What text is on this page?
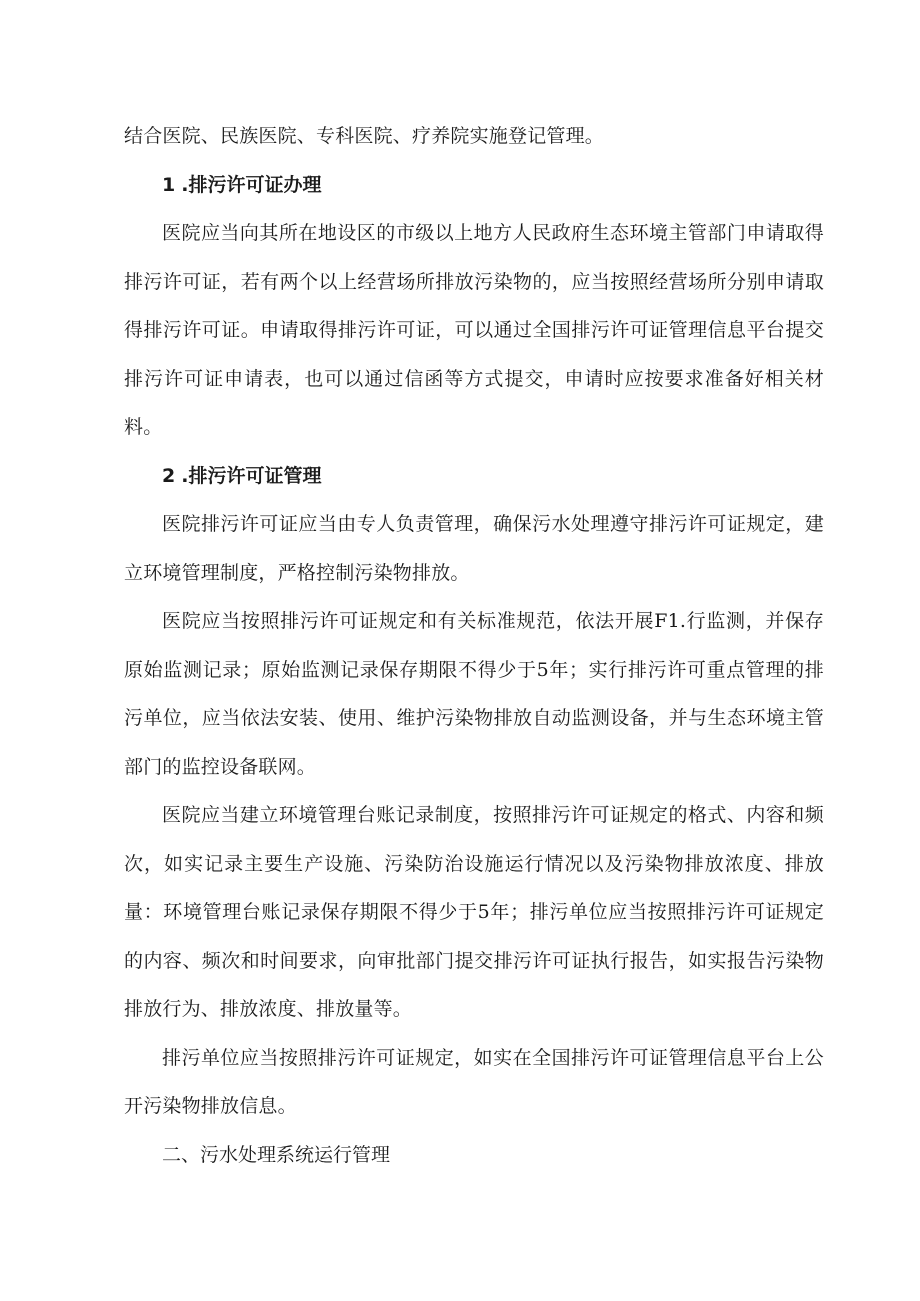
结合医院、民族医院、专科医院、疗养院实施登记管理。

1 .排污许可证办理

医院应当向其所在地设区的市级以上地方人民政府生态环境主管部门申请取得排污许可证，若有两个以上经营场所排放污染物的，应当按照经营场所分别申请取得排污许可证。申请取得排污许可证，可以通过全国排污许可证管理信息平台提交排污许可证申请表，也可以通过信函等方式提交，申请时应按要求准备好相关材料。

2 .排污许可证管理

医院排污许可证应当由专人负责管理，确保污水处理遵守排污许可证规定，建立环境管理制度，严格控制污染物排放。

医院应当按照排污许可证规定和有关标准规范，依法开展F1.行监测，并保存原始监测记录；原始监测记录保存期限不得少于5年；实行排污许可重点管理的排污单位，应当依法安装、使用、维护污染物排放自动监测设备，并与生态环境主管部门的监控设备联网。

医院应当建立环境管理台账记录制度，按照排污许可证规定的格式、内容和频次，如实记录主要生产设施、污染防治设施运行情况以及污染物排放浓度、排放量：环境管理台账记录保存期限不得少于5年；排污单位应当按照排污许可证规定的内容、频次和时间要求，向审批部门提交排污许可证执行报告，如实报告污染物排放行为、排放浓度、排放量等。

排污单位应当按照排污许可证规定，如实在全国排污许可证管理信息平台上公开污染物排放信息。

二、污水处理系统运行管理
